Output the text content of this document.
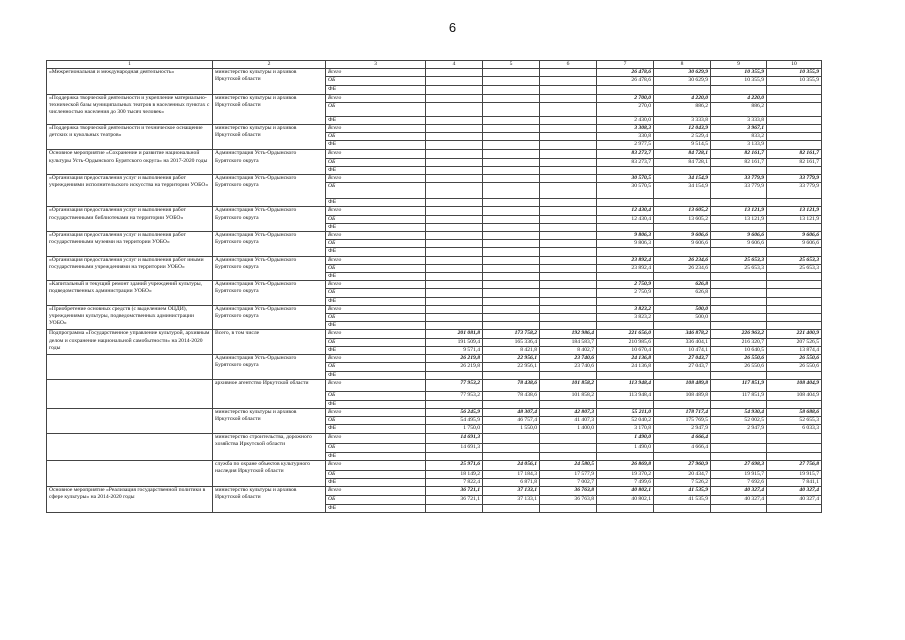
6
1	2	3	4	5	6	7	8	9	10
«Межрегиональная и международная деятельность»	министерство культуры и архивов Иркутской области	Всего				26 478,6	30 629,9	10 355,9	10 355,9
		ОБ				26 478,6	30 629,9	10 355,9	10 355,9
		ФБ							
«Поддержка творческой деятельности и укрепление материально-технической базы муниципальных театров в населенных пунктах с численностью населения до 300 тысяч человек»	министерство культуры и архивов Иркутской области	Всего				2 700,0	4 220,0	4 220,0	
		ОБ				270,0	886,2	886,2	
		ФБ				2 430,0	3 333,8	3 333,8	
«Поддержка творческой деятельности и техническое оснащение детских и кукольных театров»	министерство культуры и архивов Иркутской области	Всего				3 308,3	12 043,9	3 967,1	
		ОБ				330,8	2 529,4	833,2	
		ФБ				2 977,5	9 514,5	3 133,9	
Основное мероприятие «Сохранение и развитие национальной культуры Усть-Ордынского Бурятского округа» на 2017-2020 годы	Администрация Усть-Ордынского Бурятского округа	Всего				83 273,7	84 728,1	82 161,7	82 161,7
		ОБ				83 273,7	84 728,1	82 161,7	82 161,7
		ФБ							
«Организация предоставления услуг и выполнения работ учреждениями исполнительского искусства на территории УОБО»	Администрация Усть-Ордынского Бурятского округа	Всего				30 570,5	34 154,9	33 779,9	33 779,9
		ОБ				30 570,5	34 154,9	33 779,9	33 779,9
		ФБ							
«Организация предоставления услуг и выполнения работ государственными библиотеками на территории УОБО»	Администрация Усть-Ордынского Бурятского округа	Всего				12 430,4	13 605,2	13 121,9	13 121,9
		ОБ				12 430,4	13 605,2	13 121,9	13 121,9
		ФБ							
«Организация предоставления услуг и выполнения работ государственными музеями на территории УОБО»	Администрация Усть-Ордынского Бурятского округа	Всего				9 806,3	9 606,6	9 606,6	9 606,6
		ОБ				9 806,3	9 606,6	9 606,6	9 606,6
		ФБ							
«Организация предоставления услуг и выполнения работ иными государственными учреждениями на территории УОБО»	Администрация Усть-Ордынского Бурятского округа	Всего				23 892,4	26 234,6	25 653,3	25 653,3
		ОБ				23 892,4	26 234,6	25 653,3	25 653,3
		ФБ							
«Капитальный и текущий ремонт зданий учреждений культуры, подведомственных администрации УОБО»	Администрация Усть-Ордынского Бурятского округа	Всего				2 750,9	626,8		
		ОБ				2 750,9	626,8		
		ФБ							
«Приобретение основных средств (с выделением ОЦДИ), учреждениями культуры, подведомственных администрации УОБО»	Администрация Усть-Ордынского Бурятского округа	Всего				3 823,2	500,0		
		ОБ				3 823,2	500,0		
		ФБ							
Подпрограмма «Государственное управление культурой, архивным делом и сохранение национальной самобытности» на 2014-2020 годы	Всего, в том числе	Всего	201 081,8	173 758,2	192 986,4	221 656,0	346 878,2	226 963,2	221 400,9
		ОБ	191 509,4	165 336,4	184 583,7	210 985,6	336 404,1	216 320,7	207 526,5
		ФБ	9 571,4	8 421,8	8 402,7	10 670,4	10 474,1	10 640,5	13 874,4
	Администрация Усть-Ордынского Бурятского округа	Всего	26 219,8	22 956,1	23 740,6	24 136,8	27 043,7	26 550,6	26 550,6
		ОБ	26 219,8	22 956,1	23 740,6	24 136,8	27 043,7	26 550,6	26 550,6
		ФБ							
	архивное агентство Иркутской области	Всего	77 953,2	78 438,6	101 858,2	113 948,4	108 489,8	117 851,9	108 404,9
		ОБ	77 953,2	78 438,6	101 858,2	113 948,4	108 489,8	117 851,9	108 404,9
		ФБ							
	министерство культуры и архивов Иркутской области	Всего	56 245,9	48 307,4	42 807,3	55 211,0	178 717,4	54 930,4	58 688,6
		ОБ	54 495,9	46 757,4	41 407,3	52 040,2	175 769,5	52 002,5	52 655,3
		ФБ	1 750,0	1 550,0	1 400,0	3 170,8	2 947,9	2 947,9	6 033,3
	министерство строительства, дорожного хозяйства Иркутской области	Всего	14 691,3			1 490,0	4 666,4		
		ОБ	14 691,3			1 490,0	4 666,4		
		ФБ							
	служба по охране объектов культурного наследия Иркутской области	Всего	25 971,6	24 056,1	24 580,5	26 869,8	27 960,9	27 698,3	27 756,8
		ОБ	18 149,2	17 184,3	17 577,9	19 370,2	20 434,7	19 915,7	19 915,7
		ФБ	7 822,4	6 871,8	7 002,7	7 499,6	7 526,2	7 692,6	7 841,1
Основное мероприятие «Реализация государственной политики в сфере культуры» на 2014-2020 годы	министерство культуры и архивов Иркутской области	Всего	36 721,1	37 133,1	36 763,8	40 802,1	41 535,9	40 327,4	40 327,4
		ОБ	36 721,1	37 133,1	36 763,8	40 802,1	41 535,9	40 327,4	40 327,4
		ФБ							
